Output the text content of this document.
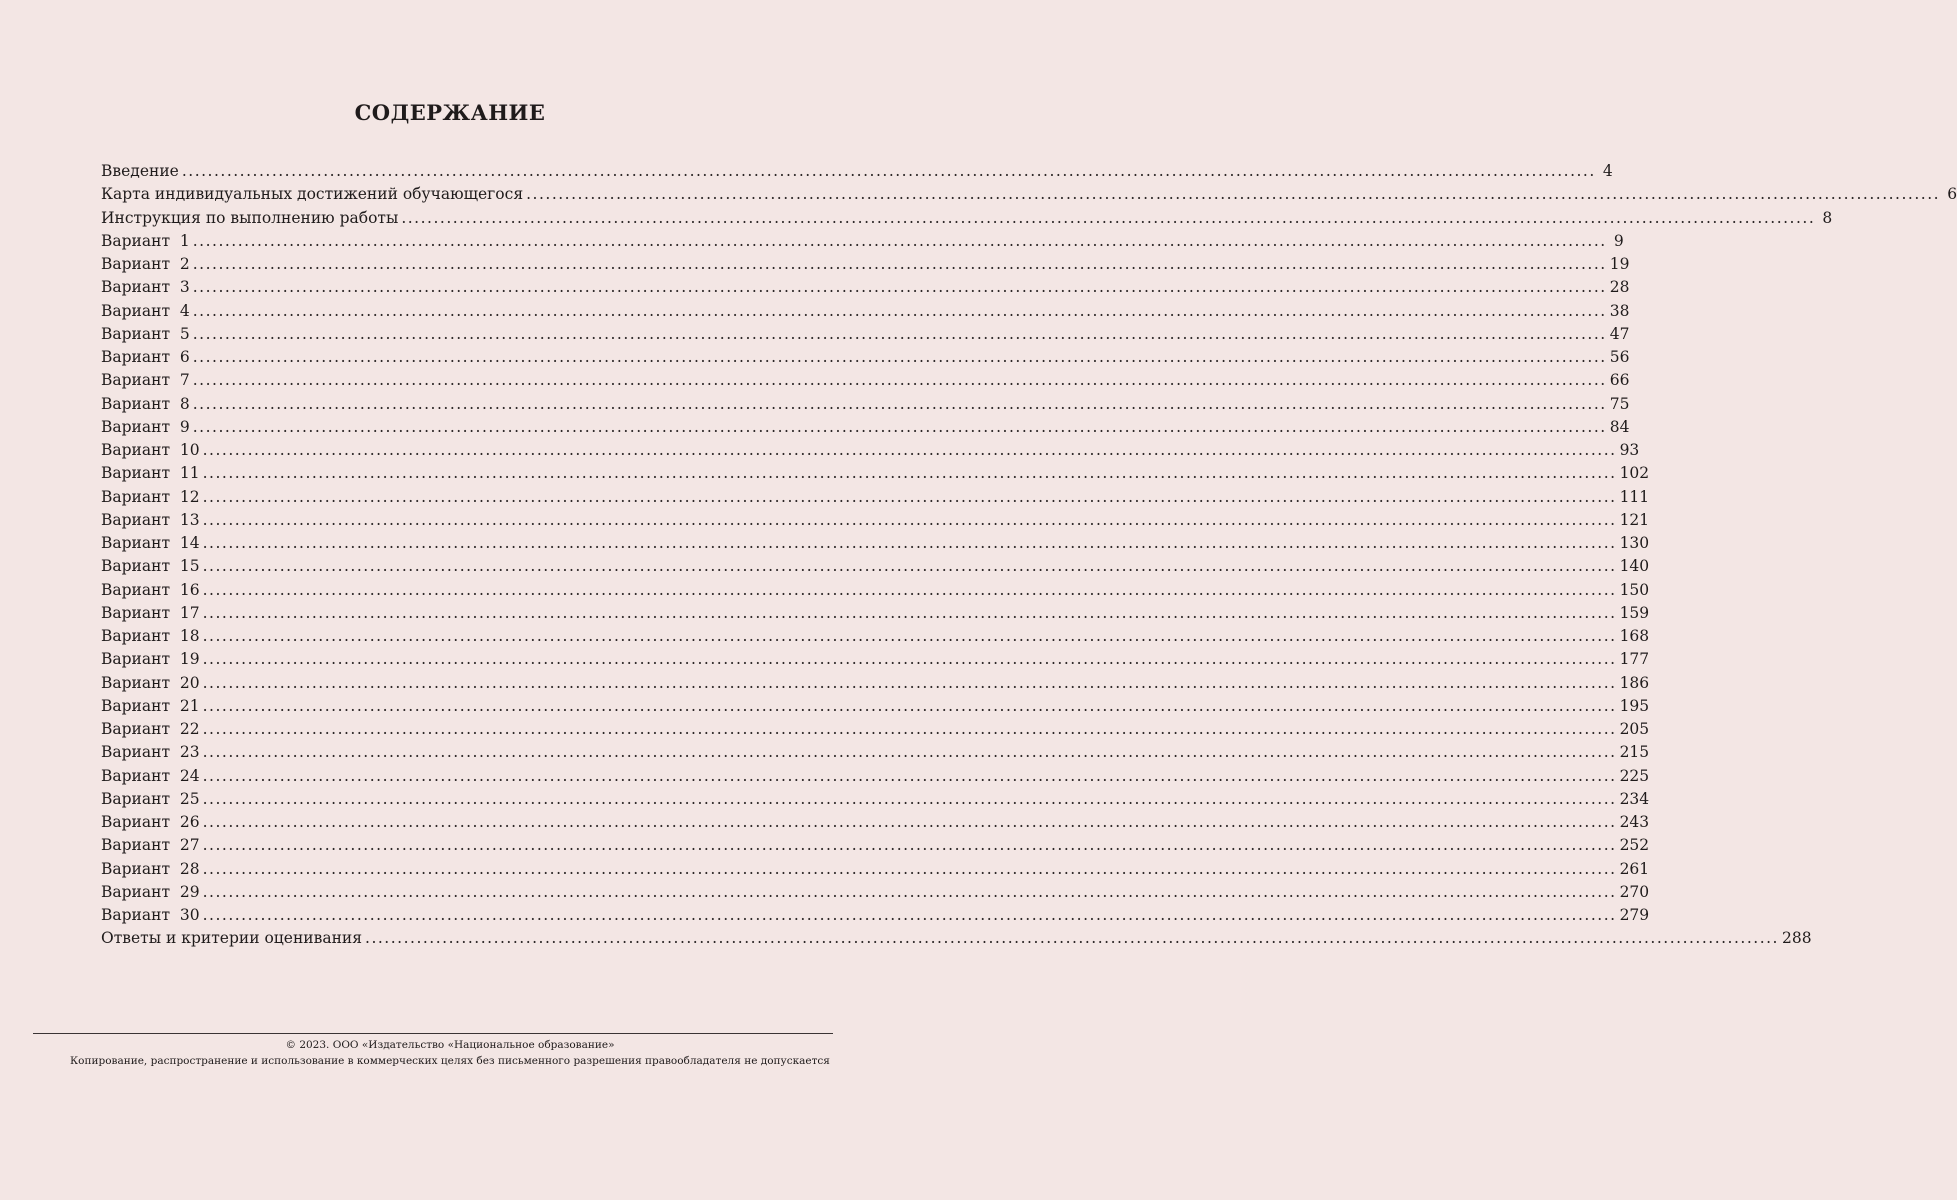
СОДЕРЖАНИЕ
Введение ............................................................................................................................................................................................................................ 4
Карта индивидуальных достижений обучающегося ............................................................................................................................................................................................................................ 6
Инструкция по выполнению работы ............................................................................................................................................................................................................................ 8
Вариант  1 ............................................................................................................................................................................................................................ 9
Вариант  2 ............................................................................................................................................................................................................................ 19
Вариант  3 ............................................................................................................................................................................................................................ 28
Вариант  4 ............................................................................................................................................................................................................................ 38
Вариант  5 ............................................................................................................................................................................................................................ 47
Вариант  6 ............................................................................................................................................................................................................................ 56
Вариант  7 ............................................................................................................................................................................................................................ 66
Вариант  8 ............................................................................................................................................................................................................................ 75
Вариант  9 ............................................................................................................................................................................................................................ 84
Вариант  10 ............................................................................................................................................................................................................................ 93
Вариант  11 ............................................................................................................................................................................................................................ 102
Вариант  12 ............................................................................................................................................................................................................................ 111
Вариант  13 ............................................................................................................................................................................................................................ 121
Вариант  14 ............................................................................................................................................................................................................................ 130
Вариант  15 ............................................................................................................................................................................................................................ 140
Вариант  16 ............................................................................................................................................................................................................................ 150
Вариант  17 ............................................................................................................................................................................................................................ 159
Вариант  18 ............................................................................................................................................................................................................................ 168
Вариант  19 ............................................................................................................................................................................................................................ 177
Вариант  20 ............................................................................................................................................................................................................................ 186
Вариант  21 ............................................................................................................................................................................................................................ 195
Вариант  22 ............................................................................................................................................................................................................................ 205
Вариант  23 ............................................................................................................................................................................................................................ 215
Вариант  24 ............................................................................................................................................................................................................................ 225
Вариант  25 ............................................................................................................................................................................................................................ 234
Вариант  26 ............................................................................................................................................................................................................................ 243
Вариант  27 ............................................................................................................................................................................................................................ 252
Вариант  28 ............................................................................................................................................................................................................................ 261
Вариант  29 ............................................................................................................................................................................................................................ 270
Вариант  30 ............................................................................................................................................................................................................................ 279
Ответы и критерии оценивания ............................................................................................................................................................................................................................ 288
© 2023. ООО «Издательство «Национальное образование»
Копирование, распространение и использование в коммерческих целях без письменного разрешения правообладателя не допускается
